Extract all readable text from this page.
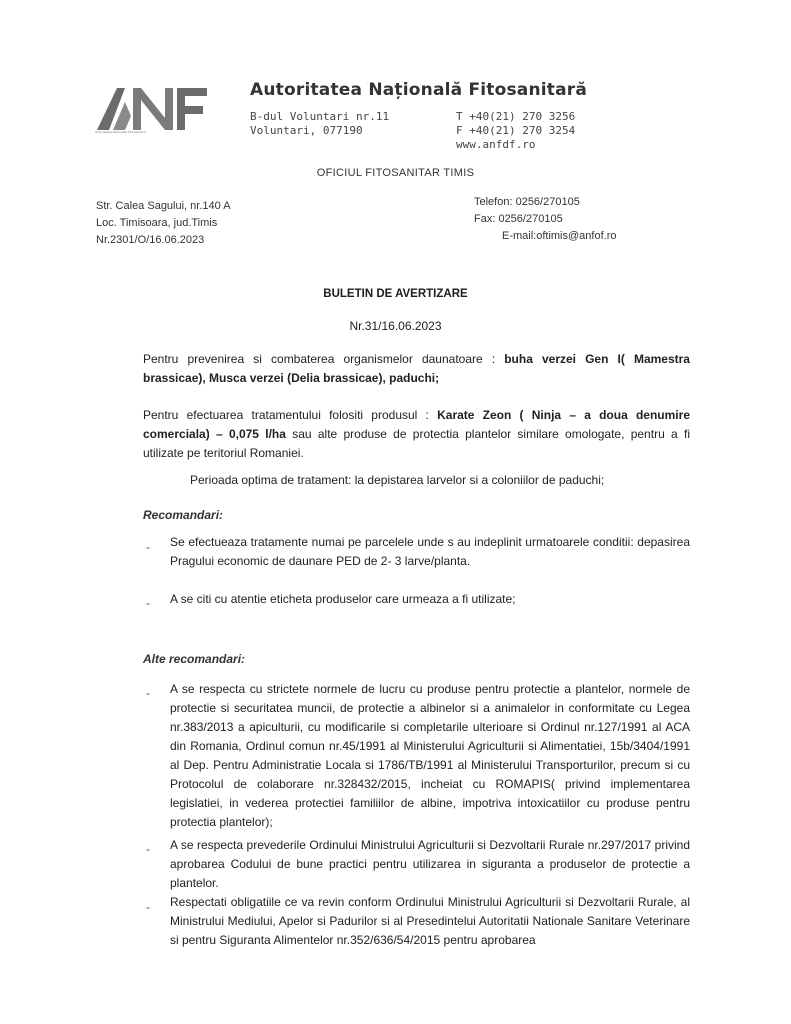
Autoritatea Nationala Fitosanitara
Autoritatea Națională Fitosanitară
B-dul Voluntari nr.11
Voluntari, 077190
T +40(21) 270 3256
F +40(21) 270 3254
www.anfdf.ro
OFICIUL FITOSANITAR TIMIS
Str. Calea Sagului, nr.140 A
Loc. Timisoara, jud.Timis
Nr.2301/O/16.06.2023
Telefon: 0256/270105
Fax: 0256/270105
E-mail:oftimis@anfof.ro
BULETIN DE AVERTIZARE
Nr.31/16.06.2023
Pentru prevenirea si combaterea organismelor daunatoare : buha verzei Gen I( Mamestra brassicae), Musca verzei (Delia brassicae), paduchi;
Pentru efectuarea tratamentului folositi produsul : Karate Zeon ( Ninja – a doua denumire comerciala) – 0,075 l/ha sau alte produse de protectia plantelor similare omologate, pentru a fi utilizate pe teritoriul Romaniei.
Perioada optima de tratament: la depistarea larvelor si a coloniilor de paduchi;
Recomandari:
- Se efectueaza tratamente numai pe parcelele unde s au indeplinit urmatoarele conditii: depasirea Pragului economic de daunare PED de 2- 3 larve/planta.
- A se citi cu atentie eticheta produselor care urmeaza a fi utilizate;
Alte recomandari:
- A se respecta cu strictete normele de lucru cu produse pentru protectie a plantelor, normele de protectie si securitatea muncii, de protectie a albinelor si a animalelor in conformitate cu Legea nr.383/2013 a apiculturii, cu modificarile si completarile ulterioare si Ordinul nr.127/1991 al ACA din Romania, Ordinul comun nr.45/1991 al Ministerului Agriculturii si Alimentatiei, 15b/3404/1991 al Dep. Pentru Administratie Locala si 1786/TB/1991 al Ministerului Transporturilor, precum si cu Protocolul de colaborare nr.328432/2015, incheiat cu ROMAPIS( privind implementarea legislatiei, in vederea protectiei familiilor de albine, impotriva intoxicatiilor cu produse pentru protectia plantelor);
- A se respecta prevederile Ordinului Ministrului Agriculturii si Dezvoltarii Rurale nr.297/2017 privind aprobarea Codului de bune practici pentru utilizarea in siguranta a produselor de protectie a plantelor.
- Respectati obligatiile ce va revin conform Ordinului Ministrului Agriculturii si Dezvoltarii Rurale, al Ministrului Mediului, Apelor si Padurilor si al Presedintelui Autoritatii Nationale Sanitare Veterinare si pentru Siguranta Alimentelor nr.352/636/54/2015 pentru aprobarea
